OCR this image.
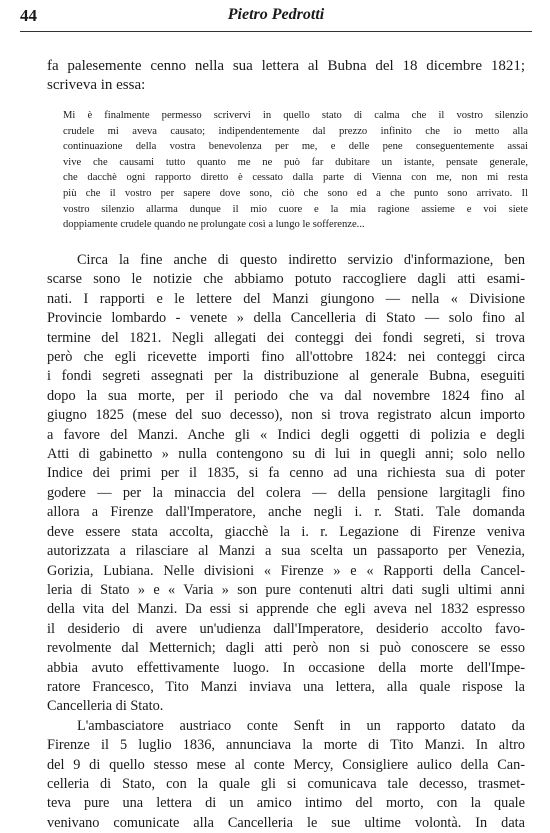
44	Pietro Pedrotti
fa palesemente cenno nella sua lettera al Bubna del 18 dicembre 1821;
scriveva in essa:
Mi è finalmente permesso scrivervi in quello stato di calma che il vostro silenzio
crudele mi aveva causato; indipendentemente dal prezzo infinito che io metto alla
continuazione della vostra benevolenza per me, e delle pene conseguentemente assai
vive che causami tutto quanto me ne può far dubitare un istante, pensate generale,
che dacchè ogni rapporto diretto è cessato dalla parte di Vienna con me, non mi resta
più che il vostro per sapere dove sono, ciò che sono ed a che punto sono arrivato. Il
vostro silenzio allarma dunque il mio cuore e la mia ragione assieme e voi siete
doppiamente crudele quando ne prolungate così a lungo le sofferenze...

Circa la fine anche di questo indiretto servizio d'informazione, ben
scarse sono le notizie che abbiamo potuto raccogliere dagli atti esami-
nati. I rapporti e le lettere del Manzi giungono — nella « Divisione
Provincie lombardo - venete » della Cancelleria di Stato — solo fino al
termine del 1821. Negli allegati dei conteggi dei fondi segreti, si trova
però che egli ricevette importi fino all'ottobre 1824: nei conteggi circa
i fondi segreti assegnati per la distribuzione al generale Bubna, eseguiti
dopo la sua morte, per il periodo che va dal novembre 1824 fino al
giugno 1825 (mese del suo decesso), non si trova registrato alcun importo
a favore del Manzi. Anche gli « Indici degli oggetti di polizia e degli
Atti di gabinetto » nulla contengono su di lui in quegli anni; solo nello
Indice dei primi per il 1835, si fa cenno ad una richiesta sua di poter
godere — per la minaccia del colera — della pensione largitagli fino
allora a Firenze dall'Imperatore, anche negli i. r. Stati. Tale domanda
deve essere stata accolta, giacchè la i. r. Legazione di Firenze veniva
autorizzata a rilasciare al Manzi a sua scelta un passaporto per Venezia,
Gorizia, Lubiana. Nelle divisioni « Firenze » e « Rapporti della Cancel-
leria di Stato » e « Varia » son pure contenuti altri dati sugli ultimi anni
della vita del Manzi. Da essi si apprende che egli aveva nel 1832 espresso
il desiderio di avere un'udienza dall'Imperatore, desiderio accolto favo-
revolmente dal Metternich; dagli atti però non si può conoscere se esso
abbia avuto effettivamente luogo. In occasione della morte dell'Impe-
ratore Francesco, Tito Manzi inviava una lettera, alla quale rispose la
Cancelleria di Stato.

L'ambasciatore austriaco conte Senft in un rapporto datato da
Firenze il 5 luglio 1836, annunciava la morte di Tito Manzi. In altro
del 9 di quello stesso mese al conte Mercy, Consigliere aulico della Can-
celleria di Stato, con la quale gli si comunicava tale decesso, trasmet-
teva pure una lettera di un amico intimo del morto, con la quale
venivano comunicate alla Cancelleria le sue ultime volontà. In data
